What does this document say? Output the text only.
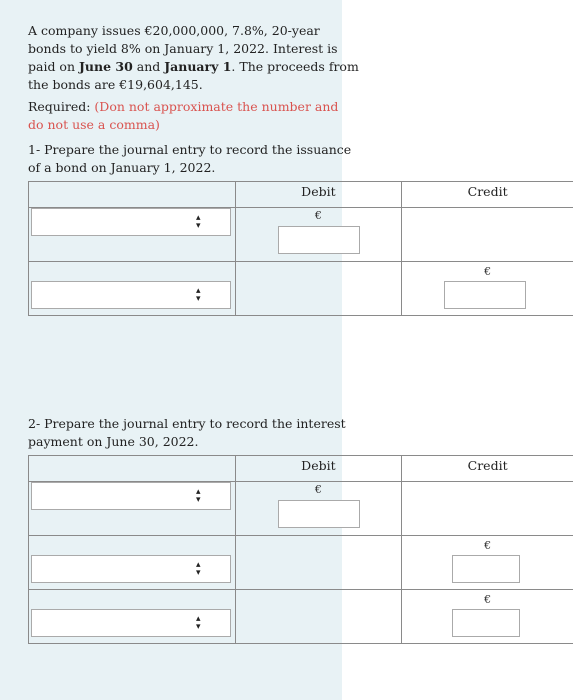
A company issues €20,000,000, 7.8%, 20-year
bonds to yield 8% on January 1, 2022. Interest is
paid on June 30 and January 1. The proceeds from
the bonds are €19,604,145.
Required: (Don not approximate the number and
do not use a comma)
1- Prepare the journal entry to record the issuance
of a bond on January 1, 2022.

	Debit	Credit

▴
▾	€	

▴
▾		€
2- Prepare the journal entry to record the interest
payment on June 30, 2022.

	Debit	Credit

▴
▾	€	

▴
▾		€

▴
▾		€
